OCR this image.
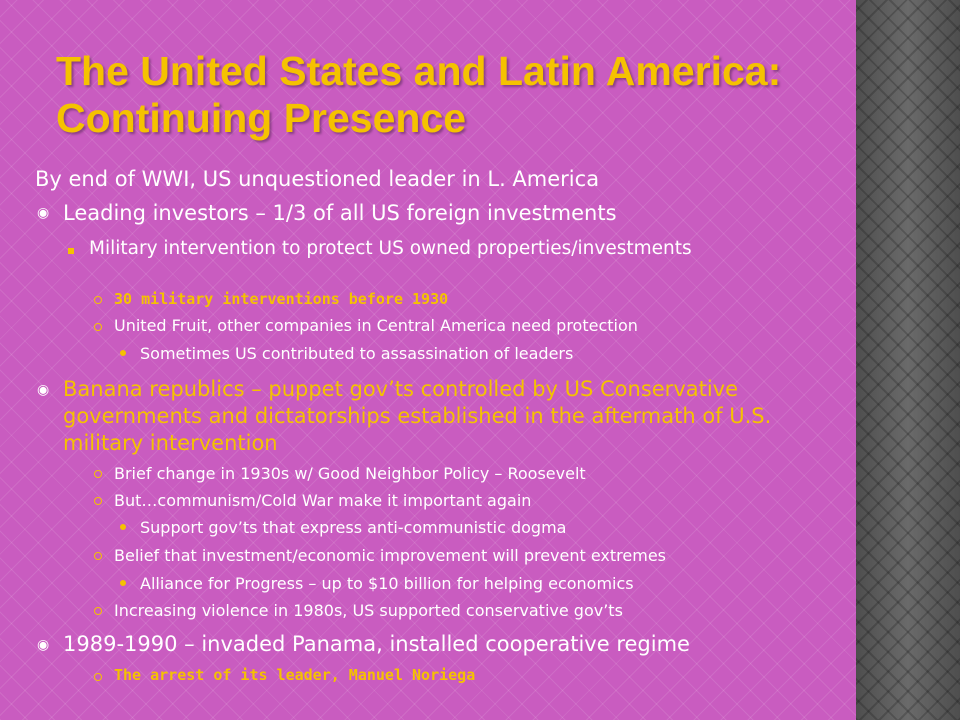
The United States and Latin America: Continuing Presence
By end of WWI, US unquestioned leader in L. America
◉ Leading investors – 1/3 of all US foreign investments
Military intervention to protect US owned properties/investments
30 military interventions before 1930
United Fruit, other companies in Central America need protection
Sometimes US contributed to assassination of leaders
◉ Banana republics – puppet gov’ts controlled by US Conservative governments and dictatorships established in the aftermath of U.S. military intervention
Brief change in 1930s w/ Good Neighbor Policy – Roosevelt
But…communism/Cold War make it important again
Support gov’ts that express anti-communistic dogma
Belief that investment/economic improvement will prevent extremes
Alliance for Progress – up to $10 billion for helping economics
Increasing violence in 1980s, US supported conservative gov’ts
◉ 1989-1990 – invaded Panama, installed cooperative regime
The arrest of its leader, Manuel Noriega
